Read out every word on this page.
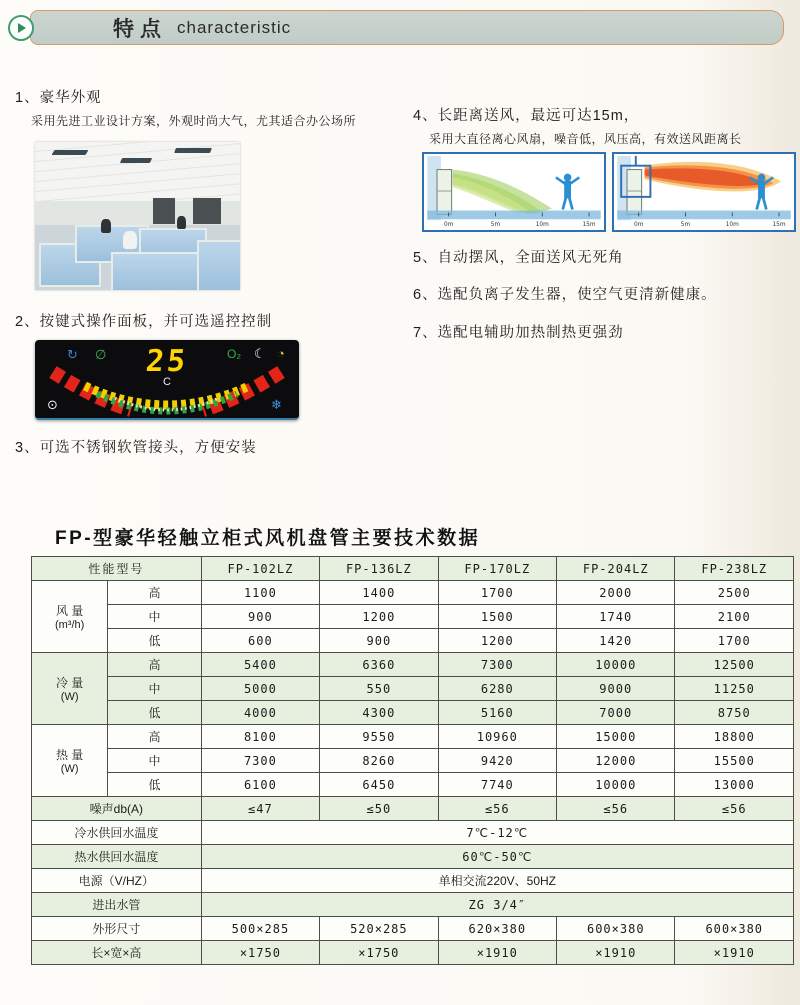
特点 characteristic
1、豪华外观
采用先进工业设计方案，外观时尚大气，尤其适合办公场所
2、按键式操作面板，并可选遥控控制
↻ ∅	O₂ ☾ ◔
⊙	❄
25
C
3、可选不锈钢软管接头，方便安装
4、长距离送风，最远可达15m，
采用大直径离心风扇，噪音低，风压高，有效送风距离长
0m	5m	10m	15m	0m	5m	10m	15m
5、自动摆风，全面送风无死角
6、选配负离子发生器，使空气更清新健康。
7、选配电辅助加热制热更强劲
FP-型豪华轻触立柜式风机盘管主要技术数据
性能型号		FP-102LZ	FP-136LZ	FP-170LZ	FP-204LZ	FP-238LZ
风 量
(m³/h)	高	1100	1400	1700	2000	2500
	中	900	1200	1500	1740	2100
	低	600	900	1200	1420	1700
冷 量
(W)	高	5400	6360	7300	10000	12500
	中	5000	550	6280	9000	11250
	低	4000	4300	5160	7000	8750
热 量
(W)	高	8100	9550	10960	15000	18800
	中	7300	8260	9420	12000	15500
	低	6100	6450	7740	10000	13000
噪声db(A)		≤47	≤50	≤56	≤56	≤56
冷水供回水温度		7℃-12℃				
热水供回水温度		60℃-50℃				
电源（V/HZ）		单相交流220V、50HZ				
进出水管		ZG 3/4″				
外形尺寸		500×285	520×285	620×380	600×380	600×380
长×宽×高		×1750	×1750	×1910	×1910	×1910
